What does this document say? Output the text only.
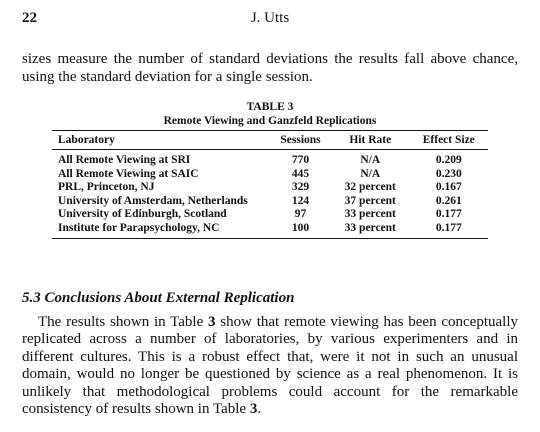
22	J. Utts

sizes measure the number of standard deviations the results fall above chance, using the standard deviation for a single session.

TABLE 3
Remote Viewing and Ganzfeld Replications
Laboratory	Sessions	Hit Rate	Effect Size
All Remote Viewing at SRI	770	N/A	0.209
All Remote Viewing at SAIC	445	N/A	0.230
PRL, Princeton, NJ	329	32 percent	0.167
University of Amsterdam, Netherlands	124	37 percent	0.261
University of Edinburgh, Scotland	97	33 percent	0.177
Institute for Parapsychology, NC	100	33 percent	0.177
5.3 Conclusions About External Replication

The results shown in Table 3 show that remote viewing has been conceptually replicated across a number of laboratories, by various experimenters and in different cultures. This is a robust effect that, were it not in such an unusual domain, would no longer be questioned by science as a real phenomenon. It is unlikely that methodological problems could account for the remarkable consistency of results shown in Table 3.
